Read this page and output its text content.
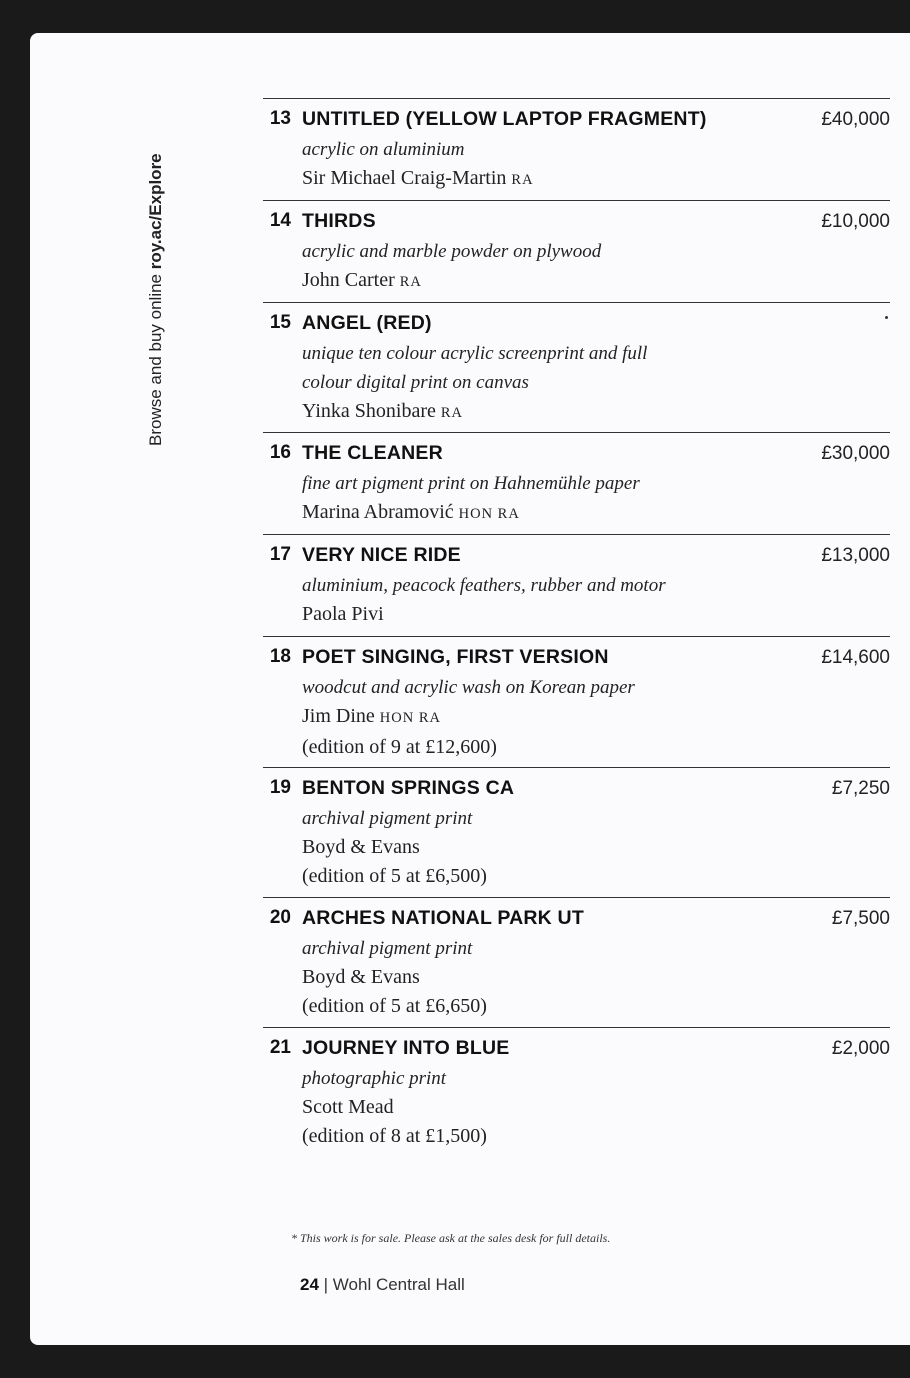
Browse and buy online roy.ac/Explore
13 UNTITLED (YELLOW LAPTOP FRAGMENT)
acrylic on aluminium
Sir Michael Craig-Martin RA
£40,000
14 THIRDS
acrylic and marble powder on plywood
John Carter RA
£10,000
15 ANGEL (RED)
unique ten colour acrylic screenprint and full colour digital print on canvas
Yinka Shonibare RA
16 THE CLEANER
fine art pigment print on Hahnemühle paper
Marina Abramović HON RA
£30,000
17 VERY NICE RIDE
aluminium, peacock feathers, rubber and motor
Paola Pivi
£13,000
18 POET SINGING, FIRST VERSION
woodcut and acrylic wash on Korean paper
Jim Dine HON RA
(edition of 9 at £12,600)
£14,600
19 BENTON SPRINGS CA
archival pigment print
Boyd & Evans
(edition of 5 at £6,500)
£7,250
20 ARCHES NATIONAL PARK UT
archival pigment print
Boyd & Evans
(edition of 5 at £6,650)
£7,500
21 JOURNEY INTO BLUE
photographic print
Scott Mead
(edition of 8 at £1,500)
£2,000
* This work is for sale. Please ask at the sales desk for full details.
24 | Wohl Central Hall
